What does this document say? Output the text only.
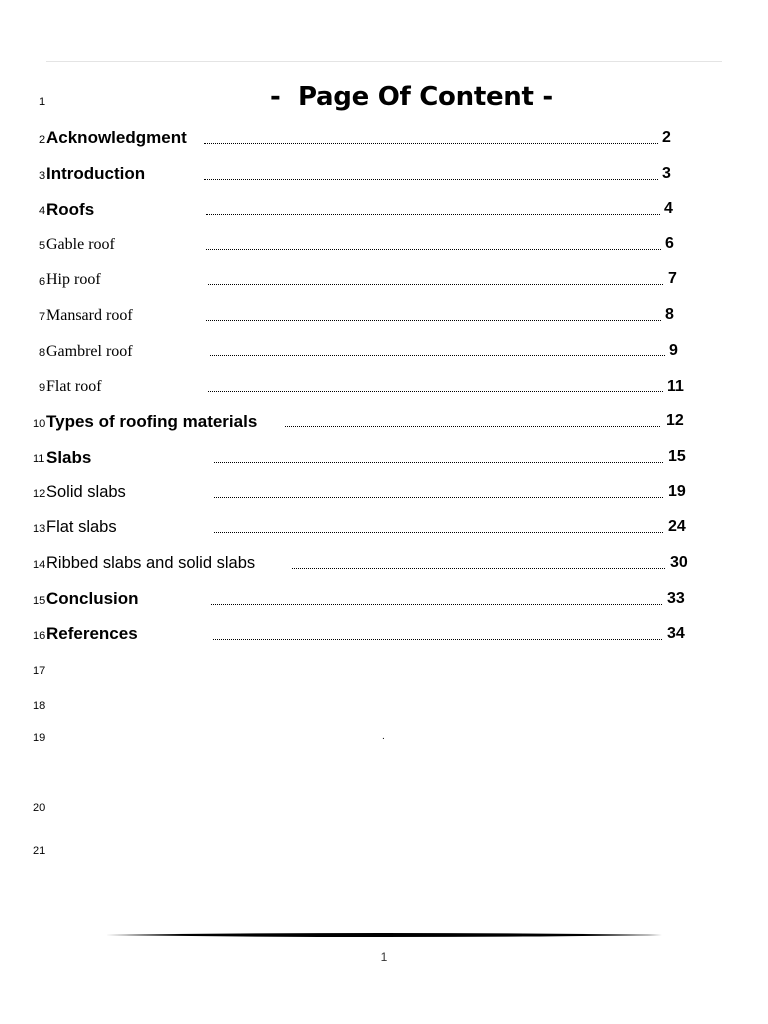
1
2
3
4
5
6
7
8
9
10
11
12
13
14
15
16
17
18
19
20
21
-  Page Of Content -
Acknowledgment	2
Introduction	3
Roofs	4
Gable roof	6
Hip roof	7
Mansard roof	8
Gambrel roof	9
Flat roof	11
Types of roofing materials	12
Slabs	15
Solid slabs	19
Flat slabs	24
Ribbed slabs and solid slabs	30
Conclusion	33
References	34
.
1
